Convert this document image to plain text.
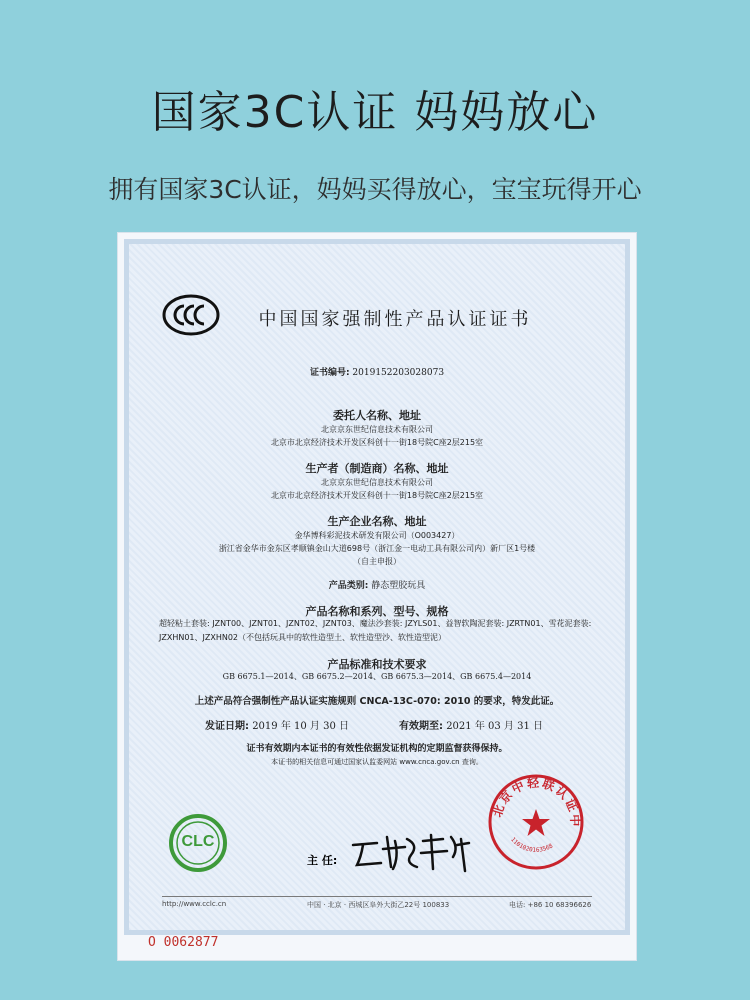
国家3C认证 妈妈放心
拥有国家3C认证，妈妈买得放心，宝宝玩得开心
中国国家强制性产品认证证书
证书编号: 2019152203028073
委托人名称、地址
北京京东世纪信息技术有限公司
北京市北京经济技术开发区科创十一街18号院C座2层215室
生产者（制造商）名称、地址
北京京东世纪信息技术有限公司
北京市北京经济技术开发区科创十一街18号院C座2层215室
生产企业名称、地址
金华博科彩泥技术研发有限公司（O003427）
浙江省金华市金东区孝顺镇金山大道698号（浙江金一电动工具有限公司内）新厂区1号楼
（自主申报）
产品类别: 静态塑胶玩具
产品名称和系列、型号、规格
超轻粘土套装: JZNT00、JZNT01、JZNT02、JZNT03、魔法沙套装: JZYLS01、益智软陶泥套装: JZRTN01、雪花泥套装: JZXHN01、JZXHN02（不包括玩具中的软性造型土、软性造型沙、软性造型泥）
产品标准和技术要求
GB 6675.1—2014、GB 6675.2—2014、GB 6675.3—2014、GB 6675.4—2014
上述产品符合强制性产品认证实施规则 CNCA-13C-070: 2010 的要求，特发此证。
发证日期: 2019 年 10 月 30 日	有效期至: 2021 年 03 月 31 日
证书有效期内本证书的有效性依据发证机构的定期监督获得保持。
本证书的相关信息可通过国家认监委网站 www.cnca.gov.cn 查询。
CLC
主 任:
北京中轻联认证中
1101020163568
http://www.cclc.cn	中国 · 北京 · 西城区阜外大街乙22号 100833	电话: +86 10 68396626
O 0062877
